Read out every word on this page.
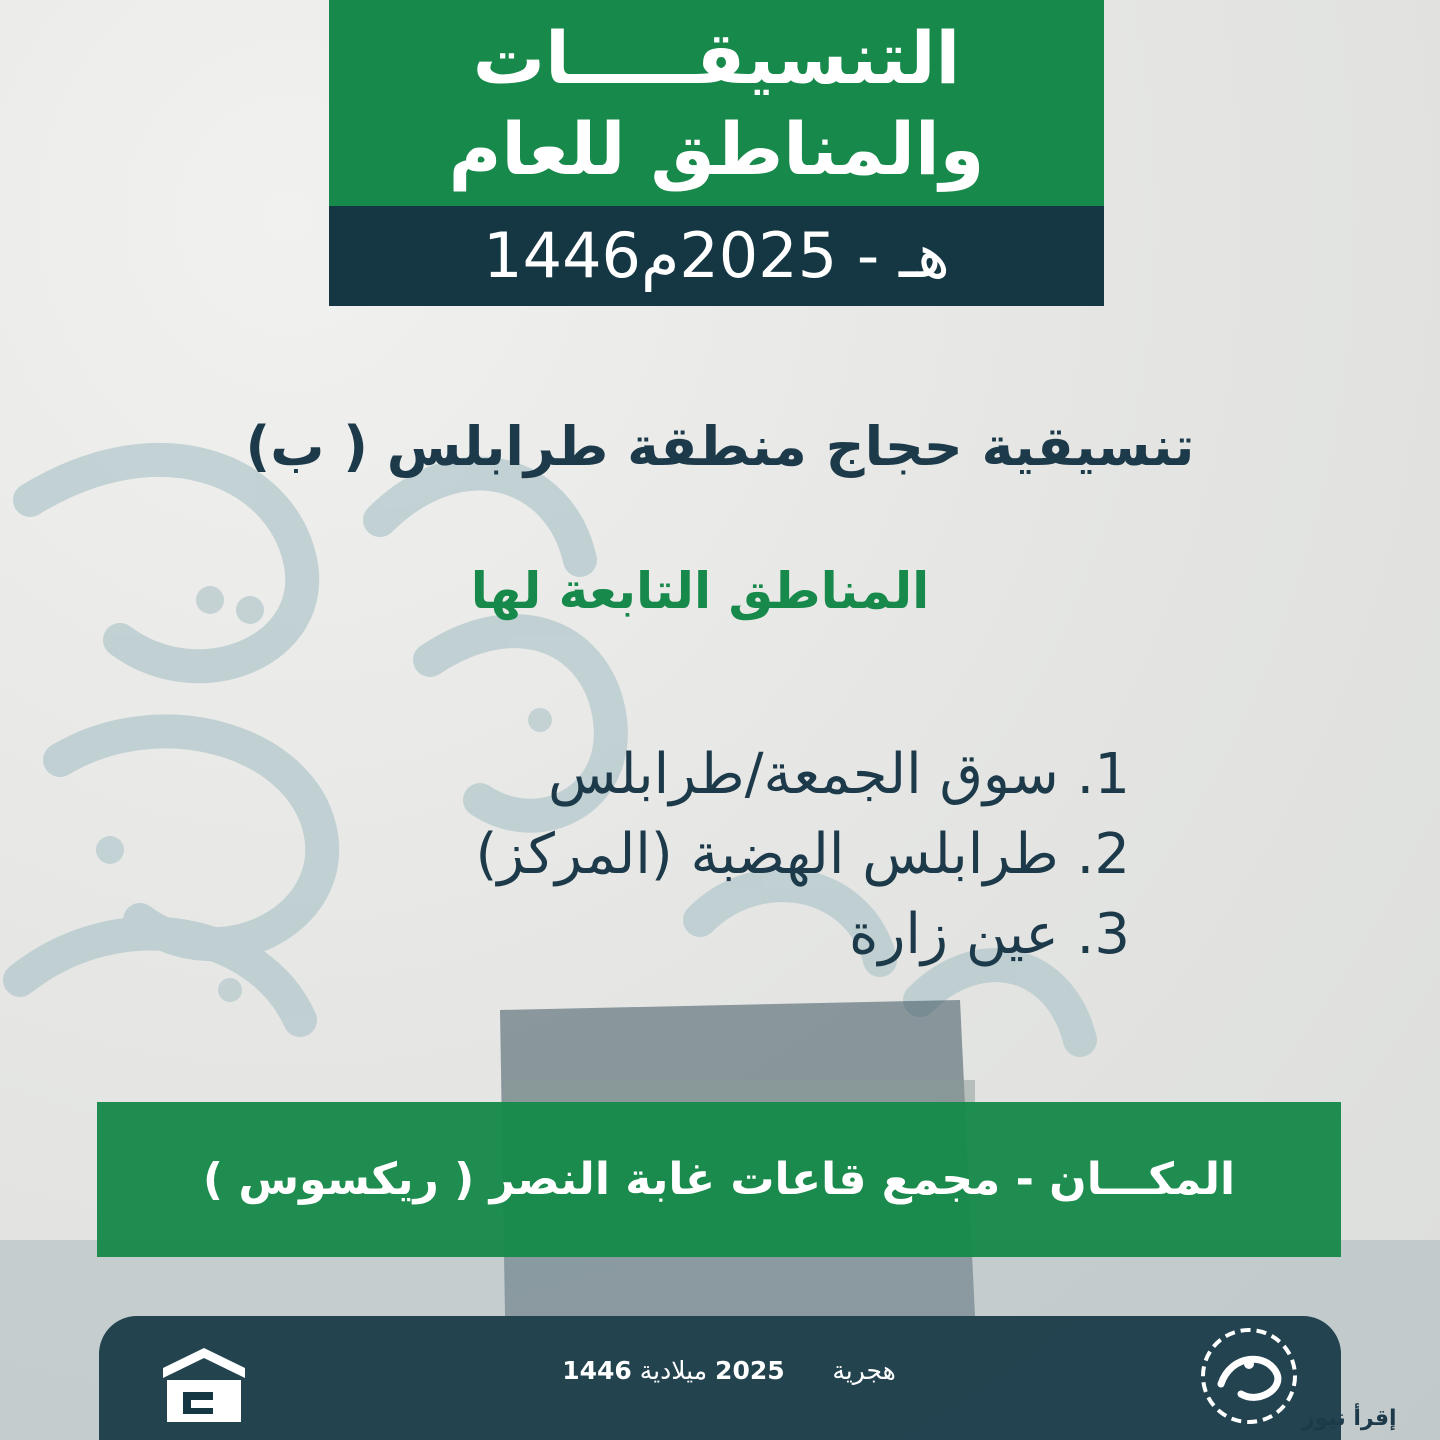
التنسيقـــــات
والمناطق للعام
1446هـ - 2025م
تنسيقية حجاج منطقة طرابلس ( ب)
المناطق التابعة لها
1. سوق الجمعة/طرابلس
2. طرابلس الهضبة (المركز)
3. عين زارة
المكـــان - مجمع قاعات غابة النصر ( ريكسوس )
1446	هجرية      2025 ميلادية
إقرأ نيوز
